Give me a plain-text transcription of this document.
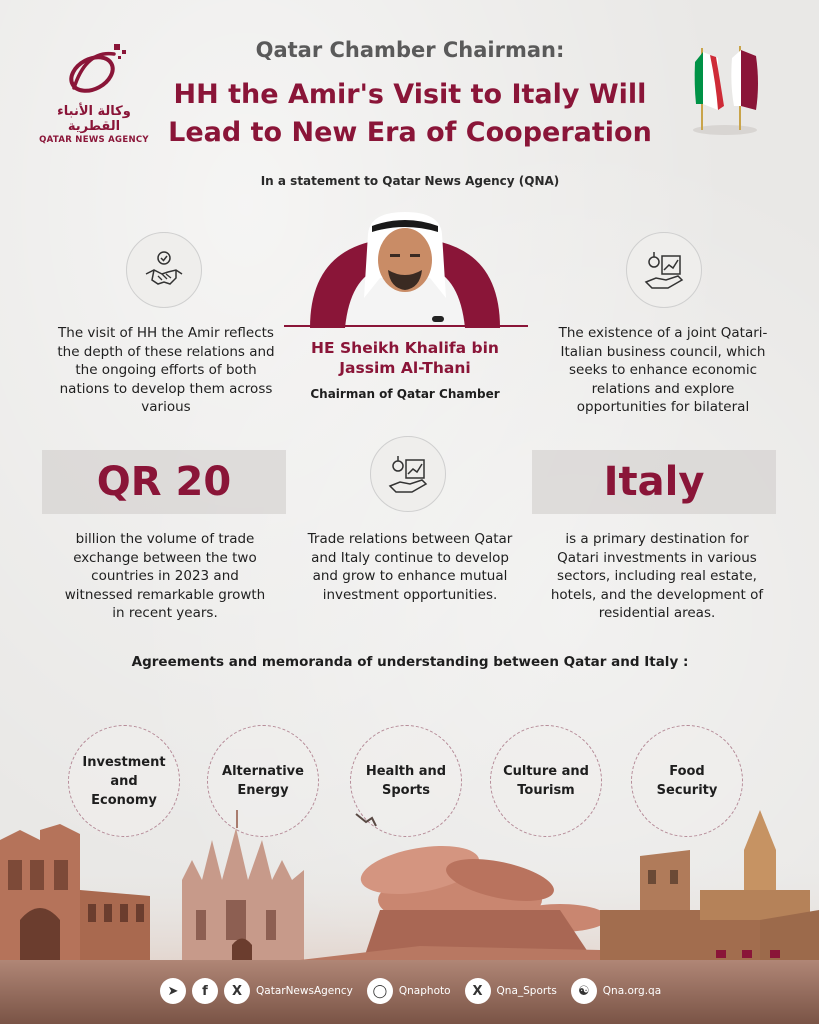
وكالة الأنباء القطرية
QATAR NEWS AGENCY
Qatar Chamber Chairman:
HH the Amir's Visit to Italy Will
Lead to New Era of Cooperation
In a statement to Qatar News Agency (QNA)
HE Sheikh Khalifa bin
Jassim Al-Thani
Chairman of Qatar Chamber
The visit of HH the Amir reflects the depth of these relations and the ongoing efforts of both nations to develop them across various
The existence of a joint Qatari-Italian business council, which seeks to enhance economic relations and explore opportunities for bilateral
QR 20	Italy
billion the volume of trade exchange between the two countries in 2023 and witnessed remarkable growth in recent years.
Trade relations between Qatar and Italy continue to develop and grow to enhance mutual investment opportunities.
is a primary destination for Qatari investments in various sectors, including real estate, hotels, and the development of residential areas.
Agreements and memoranda of understanding between Qatar and Italy :
Investment
and
Economy
Alternative
Energy
Health and
Sports
Culture and
Tourism
Food
Security
➤	f	X	QatarNewsAgency	◯	Qnaphoto	X	Qna_Sports	☯	Qna.org.qa
